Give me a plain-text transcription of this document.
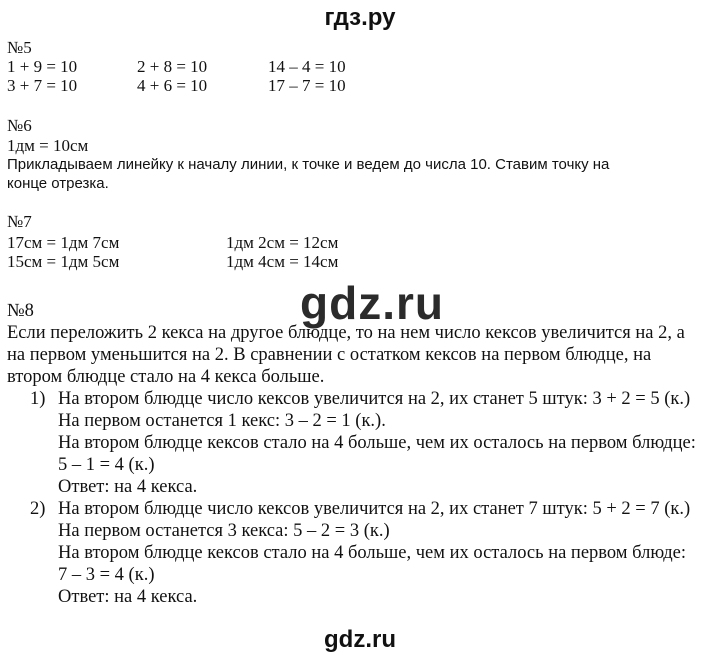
гдз.ру
№5
1 + 9 = 10	2 + 8 = 10	14 – 4 = 10
3 + 7 = 10	4 + 6 = 10	17 – 7 = 10
№6
1дм = 10см
Прикладываем линейку к началу линии, к точке и ведем до числа 10. Ставим точку на
конце отрезка.
№7
17см = 1дм 7см	1дм 2см = 12см
15см = 1дм 5см	1дм 4см = 14см
gdz.ru
№8
Если переложить 2 кекса на другое блюдце, то на нем число кексов увеличится на 2, а
на первом уменьшится на 2. В сравнении с остатком кексов на первом блюдце, на
втором блюдце стало на 4 кекса больше.
1) На втором блюдце число кексов увеличится на 2, их станет 5 штук: 3 + 2 = 5 (к.)
На первом останется 1 кекс: 3 – 2 = 1 (к.).
На втором блюдце кексов стало на 4 больше, чем их осталось на первом блюдце:
5 – 1 = 4 (к.)
Ответ: на 4 кекса.
2) На втором блюдце число кексов увеличится на 2, их станет 7 штук: 5 + 2 = 7 (к.)
На первом останется 3 кекса: 5 – 2 = 3 (к.)
На втором блюдце кексов стало на 4 больше, чем их осталось на первом блюде:
7 – 3 = 4 (к.)
Ответ: на 4 кекса.
gdz.ru
